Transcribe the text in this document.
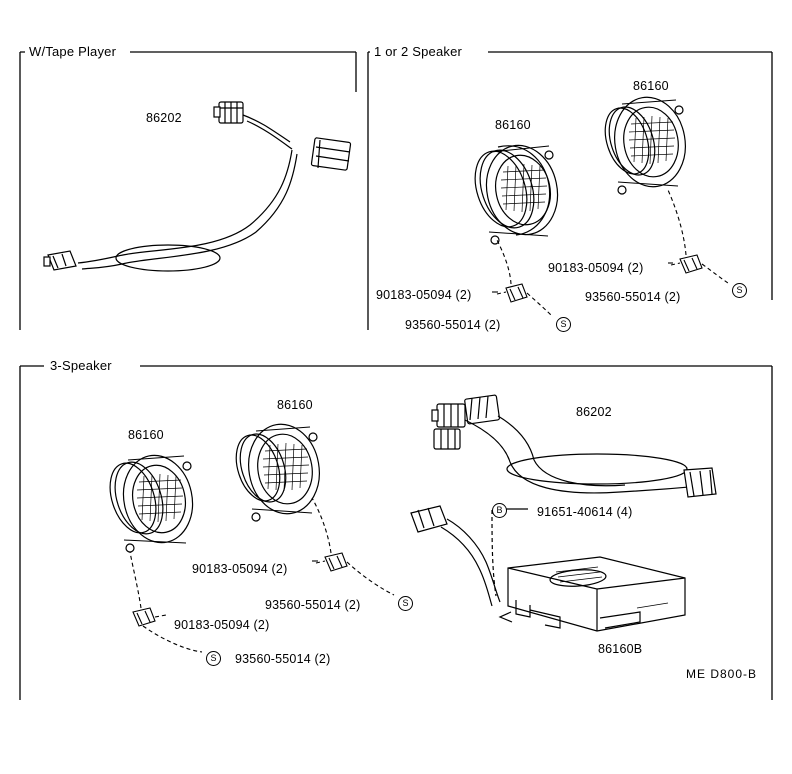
W/Tape Player	1 or 2 Speaker
3-Speaker
86202	86160
86160
90183-05094 (2)
93560-55014 (2)
90183-05094 (2)
93560-55014 (2)
86160
86160
86202
91651-40614 (4)
90183-05094 (2)
93560-55014 (2)
90183-05094 (2)
93560-55014 (2)
86160B
S
S
S
S
B
ME D800-B
